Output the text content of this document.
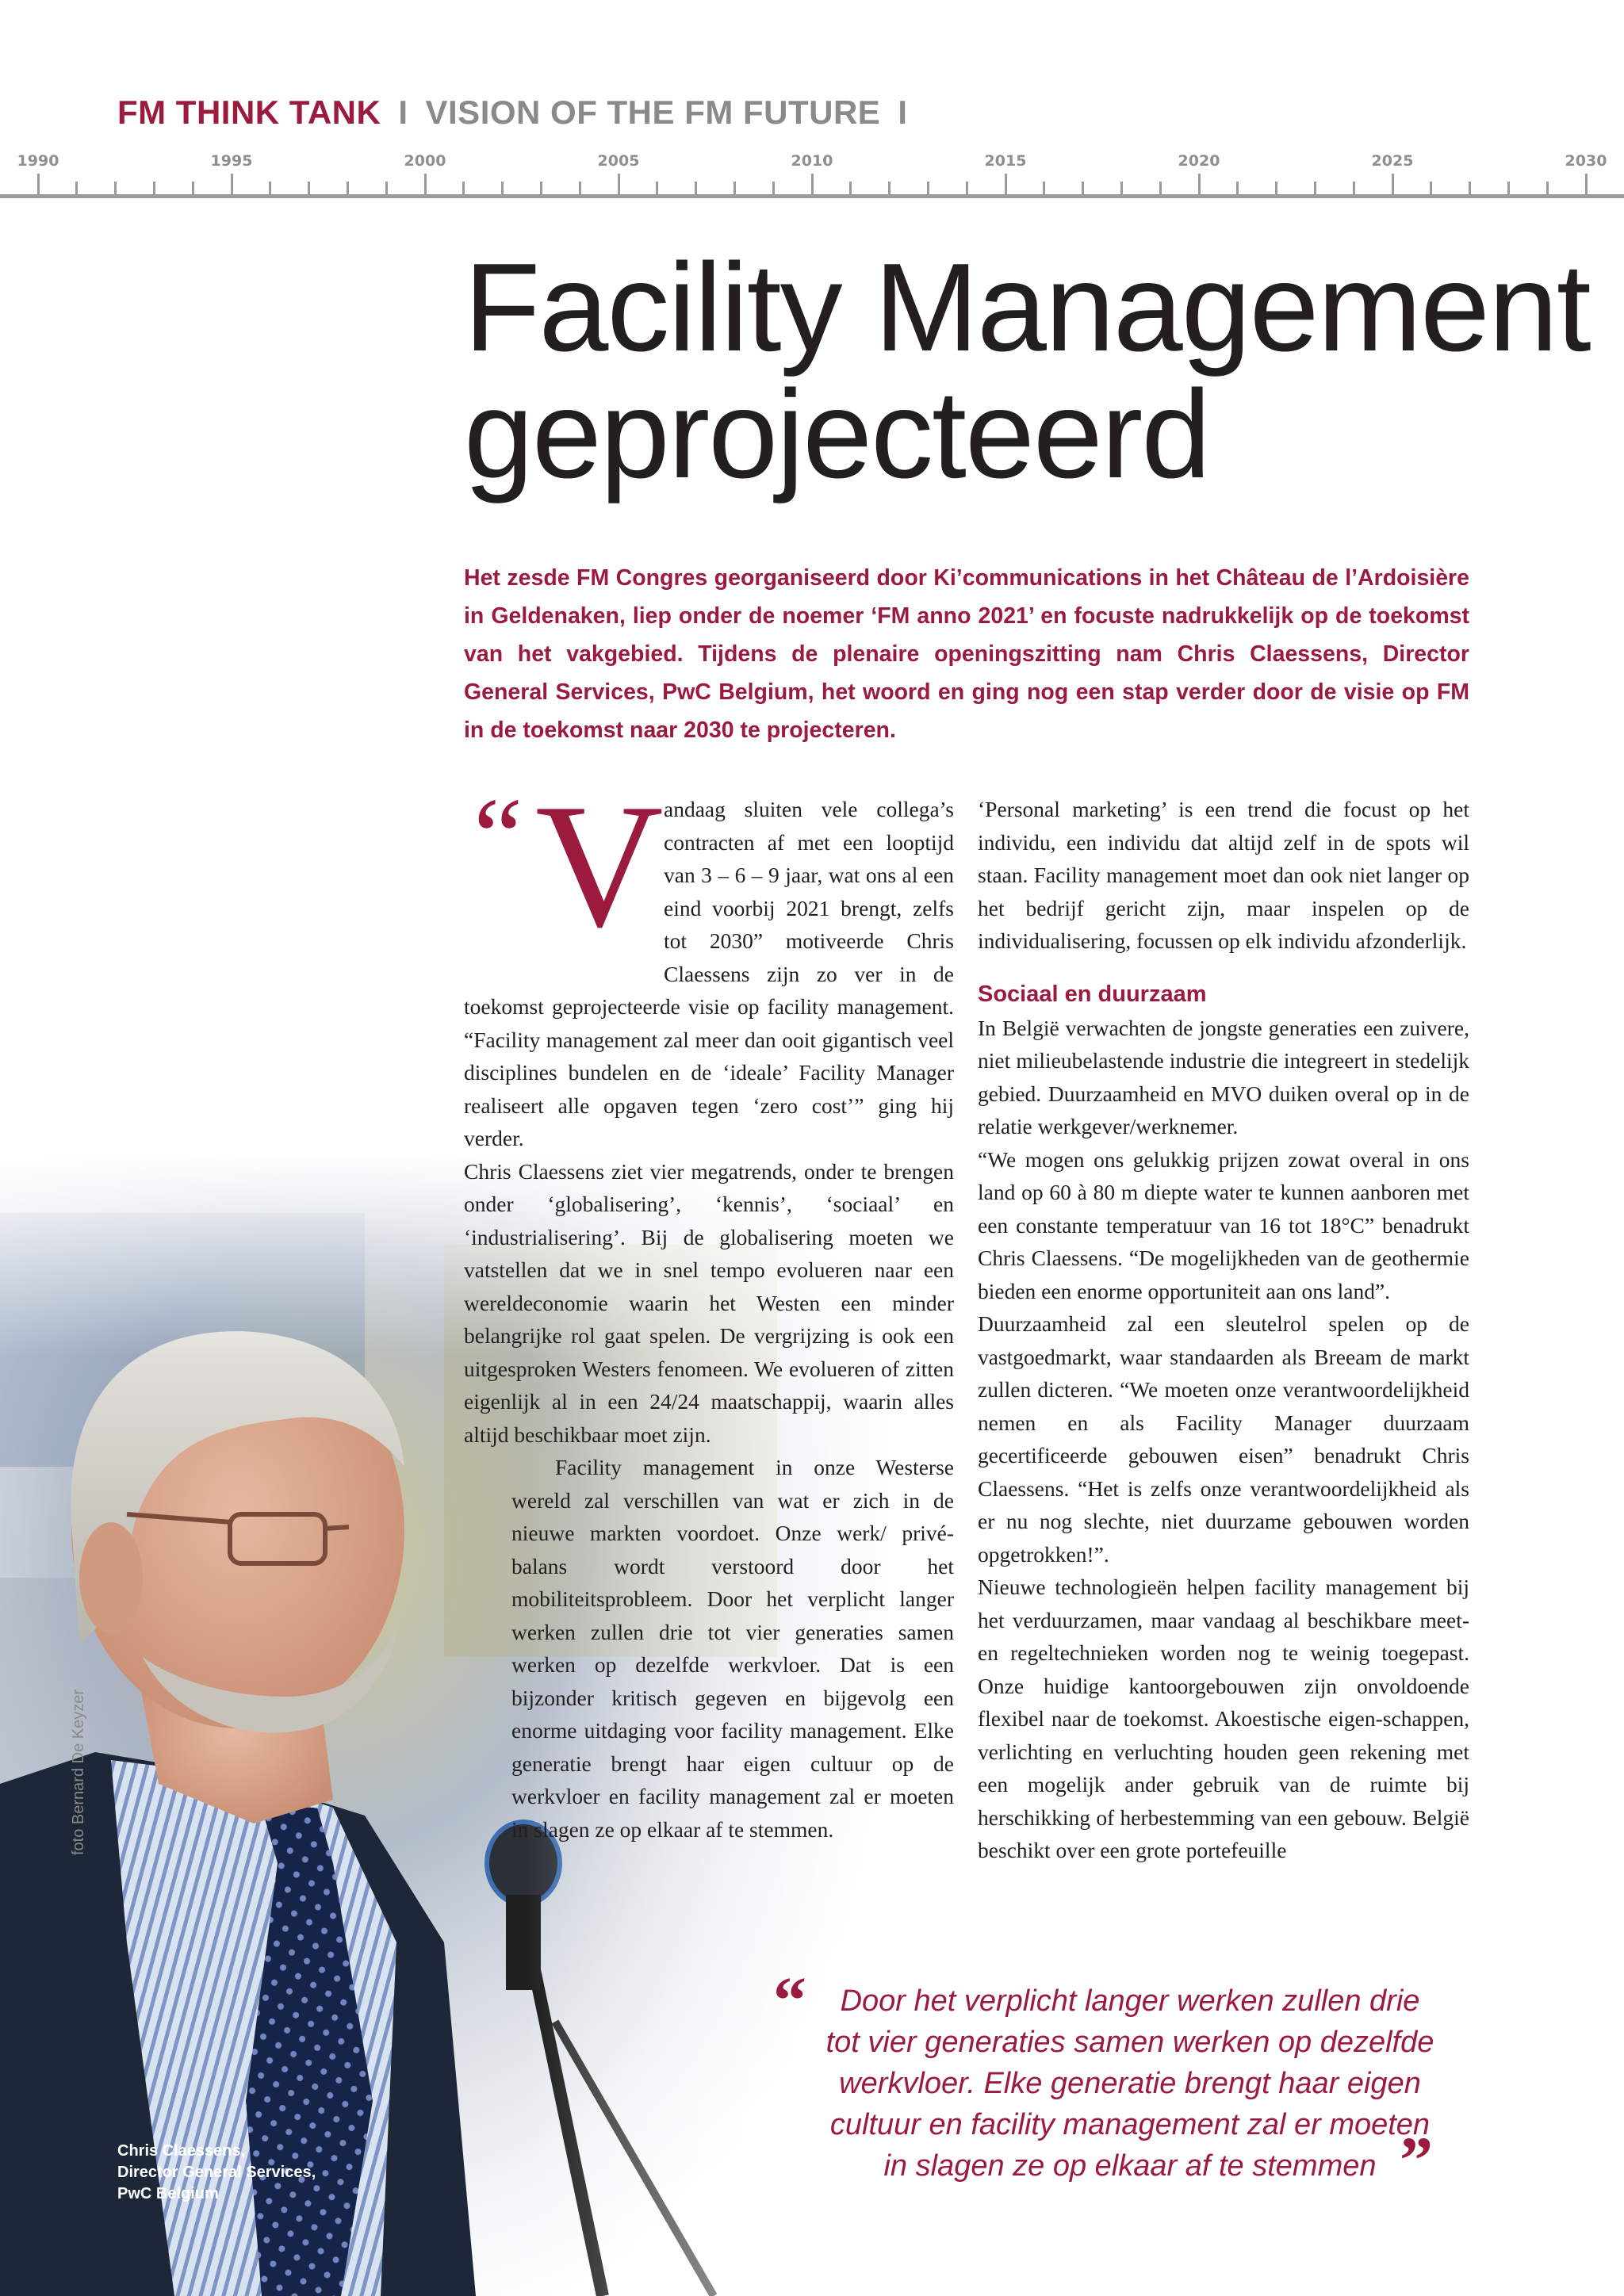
FM THINK TANK I VISION OF THE FM FUTURE I
1990	1995	2000	2005	2010	2015	2020	2025	2030
Facility Management
geprojecteerd
Het zesde FM Congres georganiseerd door Ki’communications in het Château de l’Ardoisière in Geldenaken, liep onder de noemer ‘FM anno 2021’ en focuste nadrukkelijk op de toekomst van het vakgebied. Tijdens de plenaire openingszitting nam Chris Claessens, Director General Services, PwC Belgium, het woord en ging nog een stap verder door de visie op FM in de toekomst naar 2030 te projecteren.
foto Bernard De Keyzer
Chris Claessens,
Director General Services,
PwC Belgium
“ V andaag sluiten vele collega’s contracten af met een looptijd van 3 – 6 – 9 jaar, wat ons al een eind voorbij 2021 brengt, zelfs tot 2030” motiveerde Chris Claessens zijn zo ver in de toekomst geprojecteerde visie op facility management. “Facility management zal meer dan ooit gigantisch veel disciplines bundelen en de ‘ideale’ Facility Manager realiseert alle opgaven tegen ‘zero cost’” ging hij verder.

Chris Claessens ziet vier megatrends, onder te brengen onder ‘globalisering’, ‘kennis’, ‘sociaal’ en ‘industrialisering’. Bij de globalisering moeten we vatstellen dat we in snel tempo evolueren naar een wereldeconomie waarin het Westen een minder belangrijke rol gaat spelen. De vergrijzing is ook een uitgesproken Westers fenomeen. We evolueren of zitten eigenlijk al in een 24/24 maatschappij, waarin alles altijd beschikbaar moet zijn.

Facility management in onze Westerse wereld zal verschillen van wat er zich in de nieuwe markten voordoet. Onze werk/ privé-balans wordt verstoord door het mobiliteitsprobleem. Door het verplicht langer werken zullen drie tot vier generaties samen werken op dezelfde werkvloer. Dat is een bijzonder kritisch gegeven en bijgevolg een enorme uitdaging voor facility management. Elke generatie brengt haar eigen cultuur op de werkvloer en facility management zal er moeten in slagen ze op elkaar af te stemmen.

‘Personal marketing’ is een trend die focust op het individu, een individu dat altijd zelf in de spots wil staan. Facility management moet dan ook niet langer op het bedrijf gericht zijn, maar inspelen op de individualisering, focussen op elk individu afzonderlijk.

Sociaal en duurzaam

In België verwachten de jongste generaties een zuivere, niet milieubelastende industrie die integreert in stedelijk gebied. Duurzaamheid en MVO duiken overal op in de relatie werkgever/werknemer.

“We mogen ons gelukkig prijzen zowat overal in ons land op 60 à 80 m diepte water te kunnen aanboren met een constante temperatuur van 16 tot 18°C” benadrukt Chris Claessens. “De mogelijkheden van de geothermie bieden een enorme opportuniteit aan ons land”.

Duurzaamheid zal een sleutelrol spelen op de vastgoedmarkt, waar standaarden als Breeam de markt zullen dicteren. “We moeten onze verantwoordelijkheid nemen en als Facility Manager duurzaam gecertificeerde gebouwen eisen” benadrukt Chris Claessens. “Het is zelfs onze verantwoordelijkheid als er nu nog slechte, niet duurzame gebouwen worden opgetrokken!”.

Nieuwe technologieën helpen facility management bij het verduurzamen, maar vandaag al beschikbare meet- en regeltechnieken worden nog te weinig toegepast. Onze huidige kantoorgebouwen zijn onvoldoende flexibel naar de toekomst. Akoestische eigen-schappen, verlichting en verluchting houden geen rekening met een mogelijk ander gebruik van de ruimte bij herschikking of herbestemming van een gebouw. België beschikt over een grote portefeuille

“	Door het verplicht langer werken zullen drie tot vier generaties samen werken op dezelfde werkvloer. Elke generatie brengt haar eigen cultuur en facility management zal er moeten in slagen ze op elkaar af te stemmen ”
